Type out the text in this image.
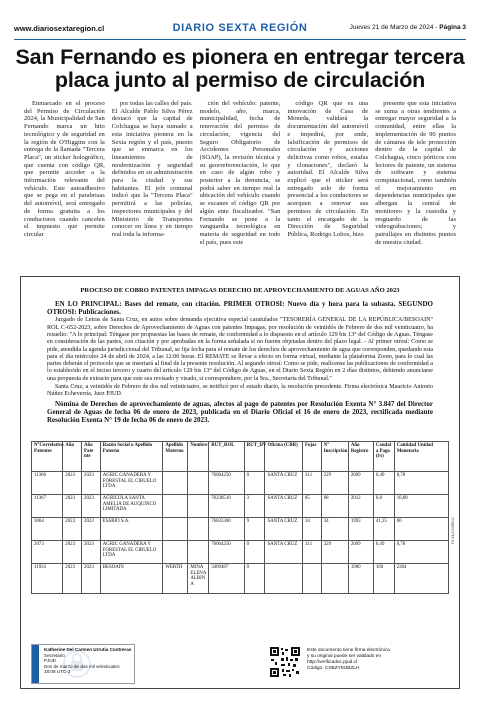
www.diariosextaregion.cl	DIARIO SEXTA REGIÓN	Jueves 21 de Marzo de 2024 - Página 3
San Fernando es pionera en entregar tercera placa junto al permiso de circulación

Enmarcado en el proceso del Permiso de Circulación 2024, la Municipalidad de San Fernando marca un hito tecnológico y de seguridad en la región de O'Higgins con la entrega de la llamada "Tercera Placa", un sticker holográfico, que cuenta con código QR, que permite acceder a la información relevante del vehículo. Este autoadhesivo que se pega en el parabrisas del automóvil, será entregado de forma gratuita a los conductores cuando cancelen el impuesto que permite circular

por todas las calles del país. El Alcalde Pablo Silva Pérez destacó que la capital de Colchagua se haya sumado a esta iniciativa pionera en la Sexta región y el país, puesto que se enmarca en los lineamientos de modernización y seguridad definidos en su administración para la ciudad y sus habitantes. El jefe comunal indicó que la "Tercera Placa" permitirá a las policías, inspectores municipales y del Ministerio de Transportes conocer en línea y en tiempo real toda la informa-

ción del vehículo: patente, modelo, año, marca, municipalidad, fecha de renovación del permiso de circulación, vigencia del Seguro Obligatorio de Accidentes Personales (SOAP), la revisión técnica y su georreferenciación, lo que en caso de algún robo y posterior a la denuncia, se podrá saber en tiempo real la ubicación del vehículo cuando se escanee el código QR por algún ente fiscalizador. "San Fernando se pone a la vanguardia tecnológica en materia de seguridad en todo el país, pues este

código QR que es una innovación de Casa de Moneda, validará la documentación del automóvil e impedirá, por ende, falsificación de permisos de circulación y acciones delictivas como robos, estafas y clonaciones", declaró la autoridad. El Alcalde Silva explicó que el sticker será entregado solo de forma presencial a los conductores se acerquen a renovar sus permisos de circulación. En tanto el encargado de la Dirección de Seguridad Pública, Rodrigo Lobos, hizo

presente que esta iniciativa se suma a otras tendientes a entregar mayor seguridad a la comunidad, entre ellas la implementación de 90 puntos de cámaras de tele protección dentro de la capital de Colchagua, cinco pórticos con lectores de patente, un sistema de software y sistema computacional, como también el mejoramiento en dependencias municipales que albergan la central de monitoreo y la custodia y resguardo de las videograbaciones; y patrullajes en distintos puntos de nuestra ciudad.

PROCESO DE COBRO PATENTES IMPAGAS DERECHO DE APROVECHAMIENTO DE AGUAS AÑO 2023
EN LO PRINCIPAL: Bases del remate, con citación. PRIMER OTROSI: Nuevo día y hora para la subasta. SEGUNDO OTROSI: Publicaciones.
Juzgado de Letras de Santa Cruz, en autos sobre demanda ejecutiva especial caratulados "TESORERÍA GENERAL DE LA REPÚBLICA/BESOAIN" ROL C-652-2023, sobre Derechos de Aprovechamiento de Aguas con patentes Impagas, por resolución de veintidós de Febrero de dos mil veinticuatro, ha resuelto: "A lo principal: Téngase por propuestas las bases de remate, de conformidad a lo dispuesto en el artículo 129 bis 13° del Código de Aguas. Téngase en consideración de las partes, con citación y por aprobadas en la forma señalada si no fueren objetadas dentro del plazo legal. - Al primer otrosí: Como se pide, atendida la agenda jurisdiccional del Tribunal, se fija fecha para el remate de los derechos de aprovechamiento de agua que corresponden, quedando esta para el día miércoles 24 de abril de 2024, a las 12:00 horas. El REMATE se llevar a efecto en forma virtual, mediante la plataforma Zoom, para lo cual las partes deberán el protocolo que se insertará al final de la presente resolución. Al segundo otrosí: Como se pide, realícense las publicaciones de conformidad a lo establecido en el inciso tercero y cuarto del artículo 129 bis 13° del Código de Aguas, en el Diario Sexta Región en 2 días distintos, debiendo anunciarse una propuesta de extracto para que este sea revisado y visado, si correspondiere, por la Sra., Secretaria del Tribunal."
Santa Cruz, a veintidós de Febrero de dos mil veinticuatro, se notificó por el estado diario, la resolución precedente. Firma electrónica Mauricio Antonio Núñez Echeverría, Juez PJUD.
Nómina de Derechos de aprovechamiento de aguas, afectos al pago de patentes por Resolución Exenta N° 3.847 del Director General de Aguas de fecha 06 de enero de 2023, publicada en el Diario Oficial el 16 de enero de 2023, rectificada mediante Resolución Exenta N° 19 de fecha 06 de enero de 2023.
N°Correlativo Patentes	Año	Año Pate nte	Razón Social o Apellido Paterno	Apellido Materno	Nombre	RUT_ROL	RUT_DV	Oficina (CBR)	Fojas	N° Inscripción	Año Registro	Caudal a Pago (l/s)	Cantidad Unidad Monetaria
11366	2023	2023	AGRIC GANADERA Y FORESTAL EL CIRUELO LTDA			76004250	0	SANTA CRUZ	311	229	2009	6,49	8,78
11367	2023	2023	AGRICOLA SANTA AMELIA DE AUQUINCO LIMITADA			76238510	3	SANTA CRUZ	85	68	2012	6,8	10,88
3064	2023	2023	ESSBIO S.A.			76833300	9	SANTA CRUZ	34	34	1993	41,25	66
2073	2023	2023	AGRIC GANADERA Y FORESTAL EL CIRUELO LTDA			76004250	0	SANTA CRUZ	311	229	2009	6,49	0,78
11933	2023	2023	BESOAIN	WERTH	MINA ELENA ALBIN A	3469487	0				1900	160	2304
Katherine Del Carmen Urrutia Contreras
Secretario
PJUD
Dos de marzo de dos mil veinticuatro
18:08 UTC-3
Este documento tiene firma electrónica
y su original puede ser validado en
http://verificadoc.pjud.cl
Código: CXBZYMJBZLH
PJ 24-0003550-C
